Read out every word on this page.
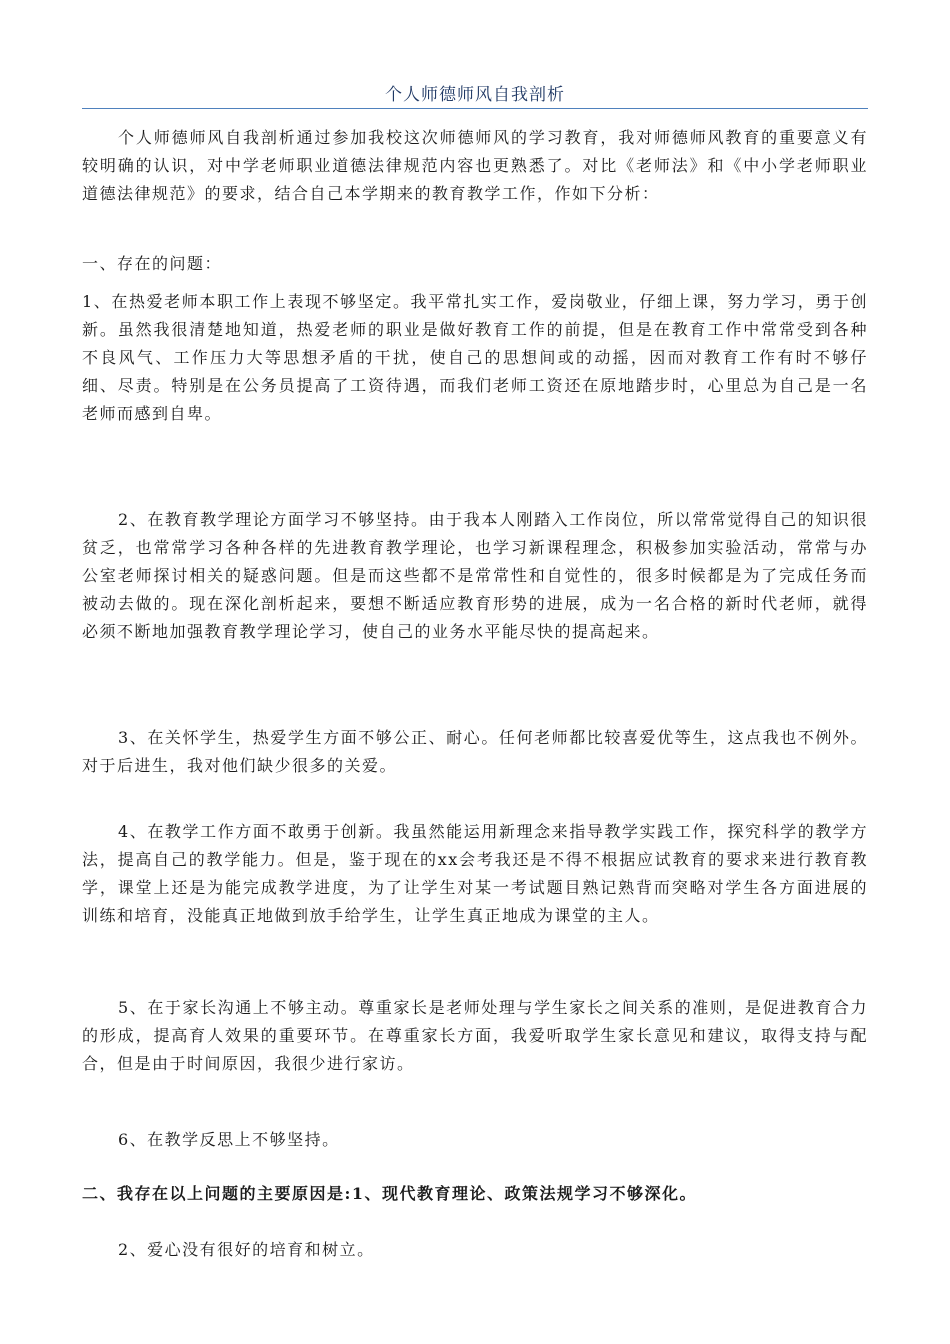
个人师德师风自我剖析

个人师德师风自我剖析通过参加我校这次师德师风的学习教育，我对师德师风教育的重要意义有较明确的认识，对中学老师职业道德法律规范内容也更熟悉了。对比《老师法》和《中小学老师职业道德法律规范》的要求，结合自己本学期来的教育教学工作，作如下分析：

一、存在的问题：

1、在热爱老师本职工作上表现不够坚定。我平常扎实工作，爱岗敬业，仔细上课，努力学习，勇于创新。虽然我很清楚地知道，热爱老师的职业是做好教育工作的前提，但是在教育工作中常常受到各种不良风气、工作压力大等思想矛盾的干扰，使自己的思想间或的动摇，因而对教育工作有时不够仔细、尽责。特别是在公务员提高了工资待遇，而我们老师工资还在原地踏步时，心里总为自己是一名老师而感到自卑。

2、在教育教学理论方面学习不够坚持。由于我本人刚踏入工作岗位，所以常常觉得自己的知识很贫乏，也常常学习各种各样的先进教育教学理论，也学习新课程理念，积极参加实验活动，常常与办公室老师探讨相关的疑惑问题。但是而这些都不是常常性和自觉性的，很多时候都是为了完成任务而被动去做的。现在深化剖析起来，要想不断适应教育形势的进展，成为一名合格的新时代老师，就得必须不断地加强教育教学理论学习，使自己的业务水平能尽快的提高起来。

3、在关怀学生，热爱学生方面不够公正、耐心。任何老师都比较喜爱优等生，这点我也不例外。对于后进生，我对他们缺少很多的关爱。

4、在教学工作方面不敢勇于创新。我虽然能运用新理念来指导教学实践工作，探究科学的教学方法，提高自己的教学能力。但是，鉴于现在的xx会考我还是不得不根据应试教育的要求来进行教育教学，课堂上还是为能完成教学进度，为了让学生对某一考试题目熟记熟背而突略对学生各方面进展的训练和培育，没能真正地做到放手给学生，让学生真正地成为课堂的主人。

5、在于家长沟通上不够主动。尊重家长是老师处理与学生家长之间关系的准则，是促进教育合力的形成，提高育人效果的重要环节。在尊重家长方面，我爱听取学生家长意见和建议，取得支持与配合，但是由于时间原因，我很少进行家访。

6、在教学反思上不够坚持。

二、我存在以上问题的主要原因是:1、现代教育理论、政策法规学习不够深化。

2、爱心没有很好的培育和树立。
